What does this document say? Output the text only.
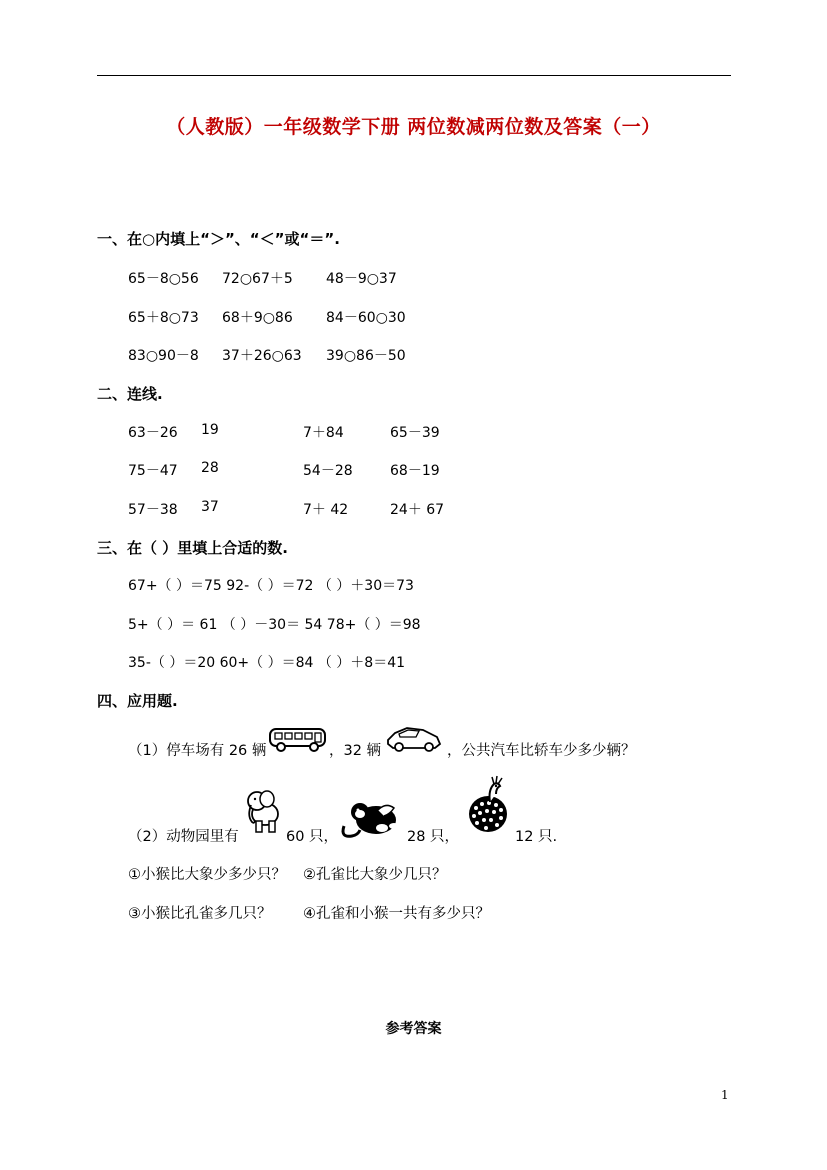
（人教版）一年级数学下册 两位数减两位数及答案（一）
一、在○内填上“＞”、“＜”或“＝”.
65－8○56 72○67＋5 48－9○37
65＋8○73 68＋9○86 84－60○30
83○90－8 37＋26○63 39○86－50
二、连线.
63－26 19	7＋84	65－39
75－47 28	54－28	68－19
57－38 37	7＋ 42	24＋ 67
三、在（ ）里填上合适的数.
67+（ ）＝75 92-（ ）＝72 （ ）＋30＝73
5+（ ）＝ 61 （ ）－30＝ 54 78+（ ）＝98
35-（ ）＝20 60+（ ）＝84 （ ）＋8＝41
四、应用题.
（1）停车场有 26 辆	，32 辆	，公共汽车比轿车少多少辆？
（2）动物园里有	60 只，	28 只，	12 只.
①小猴比大象少多少只？ ②孔雀比大象少几只？
③小猴比孔雀多几只？ ④孔雀和小猴一共有多少只？
参考答案
1
